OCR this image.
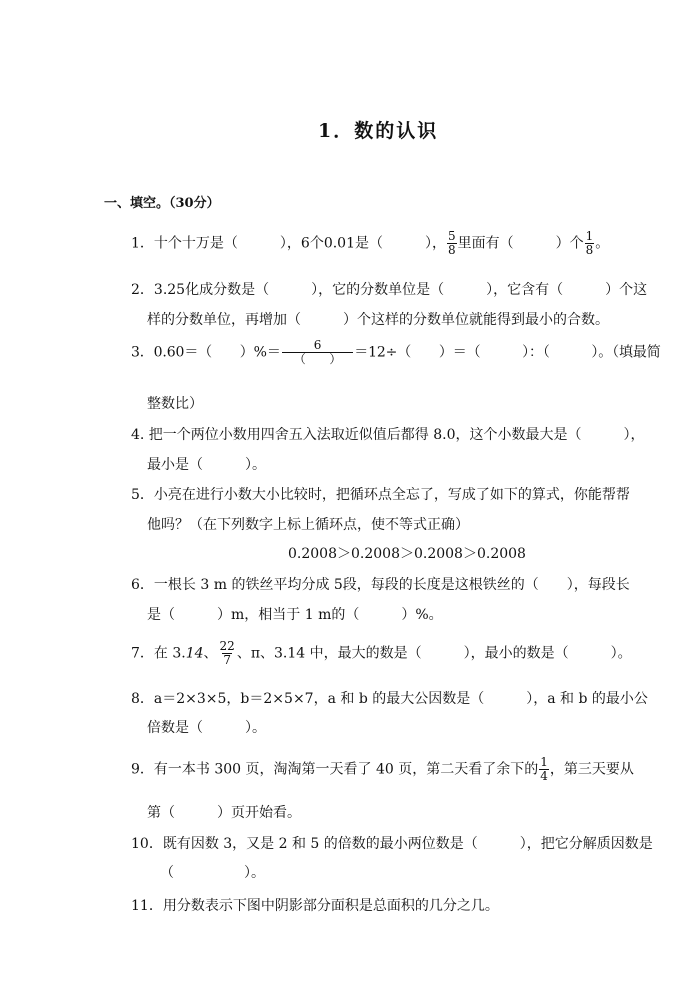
1．数的认识
一、填空。（30分）
1．十个十万是（　　　），6个0.01是（　　　）， $\frac{5}{8}$ 里面有（　　　）个 $\frac{1}{8}$ 。
2．3.25化成分数是（　　　），它的分数单位是（　　　），它含有（　　　）个这
样的分数单位，再增加（　　　）个这样的分数单位就能得到最小的合数。
3．0.60＝（　　）%＝ $\frac{6}{( )} =12\div$（　　）＝（　　　）：（　　　）。（填最简
整数比）
4. 把一个两位小数用四舍五入法取近似值后都得 8.0，这个小数最大是（　　　），
最小是（　　　）。
5．小亮在进行小数大小比较时，把循环点全忘了，写成了如下的算式，你能帮帮
他吗？（在下列数字上标上循环点，使不等式正确）
0.2008＞0.2008＞0.2008＞0.2008
6．一根长 3 m 的铁丝平均分成 5段，每段的长度是这根铁丝的（　　），每段长
是（　　　）m，相当于 1 m的（　　　）%。
7．在 3.14、 $\frac{22}{7}$ 、π、3.14 中，最大的数是（　　　），最小的数是（　　　）。
8．a＝2×3×5，b＝2×5×7，a 和 b 的最大公因数是（　　　），a 和 b 的最小公
倍数是（　　　）。
9．有一本书 300 页，淘淘第一天看了 40 页，第二天看了余下的 $\frac{1}{4}$ ，第三天要从
第（　　　）页开始看。
10．既有因数 3，又是 2 和 5 的倍数的最小两位数是（　　　），把它分解质因数是
（　　　　　）。
11．用分数表示下图中阴影部分面积是总面积的几分之几。
